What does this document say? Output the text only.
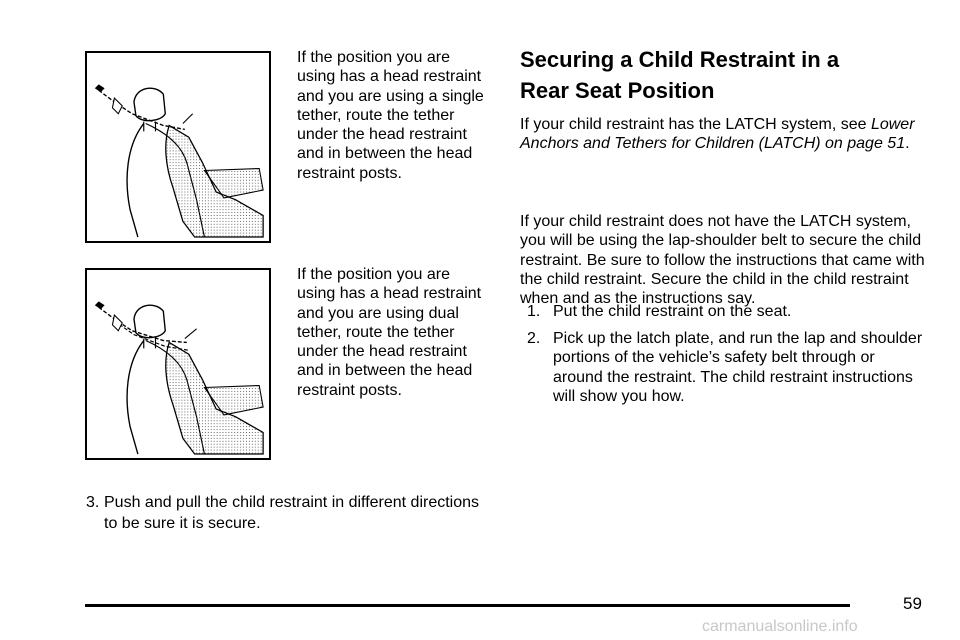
If the position you are using has a head restraint and you are using a single tether, route the tether under the head restraint and in between the head restraint posts.

If the position you are using has a head restraint and you are using dual tether, route the tether under the head restraint and in between the head restraint posts.

3. Push and pull the child restraint in different directions to be sure it is secure.
Securing a Child Restraint in a
Rear Seat Position

If your child restraint has the LATCH system, see Lower Anchors and Tethers for Children (LATCH) on page 51.

If your child restraint does not have the LATCH system, you will be using the lap-shoulder belt to secure the child restraint. Be sure to follow the instructions that came with the child restraint. Secure the child in the child restraint when and as the instructions say.

1. Put the child restraint on the seat.
2. Pick up the latch plate, and run the lap and shoulder portions of the vehicle’s safety belt through or around the restraint. The child restraint instructions will show you how.

59

carmanualsonline.info
